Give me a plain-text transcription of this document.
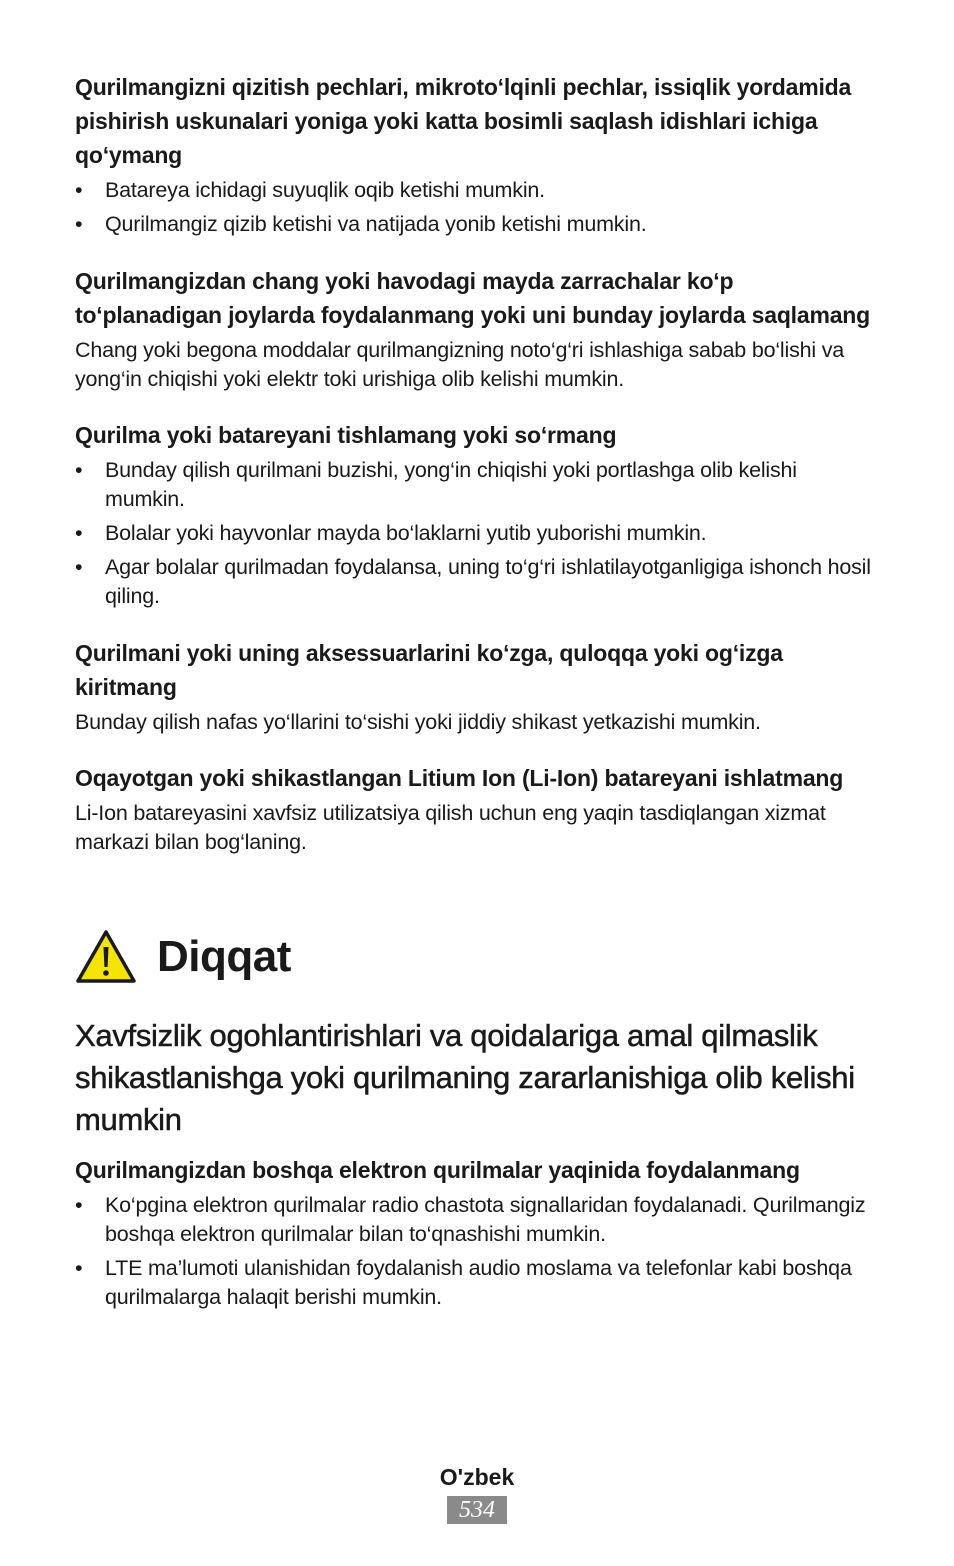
Qurilmangizni qizitish pechlari, mikroto‘lqinli pechlar, issiqlik yordamida pishirish uskunalari yoniga yoki katta bosimli saqlash idishlari ichiga qo‘ymang
• Batareya ichidagi suyuqlik oqib ketishi mumkin.
• Qurilmangiz qizib ketishi va natijada yonib ketishi mumkin.
Qurilmangizdan chang yoki havodagi mayda zarrachalar ko‘p to‘planadigan joylarda foydalanmang yoki uni bunday joylarda saqlamang

Chang yoki begona moddalar qurilmangizning noto‘g‘ri ishlashiga sabab bo‘lishi va yong‘in chiqishi yoki elektr toki urishiga olib kelishi mumkin.

Qurilma yoki batareyani tishlamang yoki so‘rmang
• Bunday qilish qurilmani buzishi, yong‘in chiqishi yoki portlashga olib kelishi mumkin.
• Bolalar yoki hayvonlar mayda bo‘laklarni yutib yuborishi mumkin.
• Agar bolalar qurilmadan foydalansa, uning to‘g‘ri ishlatilayotganligiga ishonch hosil qiling.
Qurilmani yoki uning aksessuarlarini ko‘zga, quloqqa yoki og‘izga kiritmang

Bunday qilish nafas yo‘llarini to‘sishi yoki jiddiy shikast yetkazishi mumkin.

Oqayotgan yoki shikastlangan Litium Ion (Li-Ion) batareyani ishlatmang

Li-Ion batareyasini xavfsiz utilizatsiya qilish uchun eng yaqin tasdiqlangan xizmat markazi bilan bog‘laning.

Diqqat
Xavfsizlik ogohlantirishlari va qoidalariga amal qilmaslik shikastlanishga yoki qurilmaning zararlanishiga olib kelishi mumkin
Qurilmangizdan boshqa elektron qurilmalar yaqinida foydalanmang
• Ko‘pgina elektron qurilmalar radio chastota signallaridan foydalanadi. Qurilmangiz boshqa elektron qurilmalar bilan to‘qnashishi mumkin.
• LTE ma’lumoti ulanishidan foydalanish audio moslama va telefonlar kabi boshqa qurilmalarga halaqit berishi mumkin.
O'zbek
534
